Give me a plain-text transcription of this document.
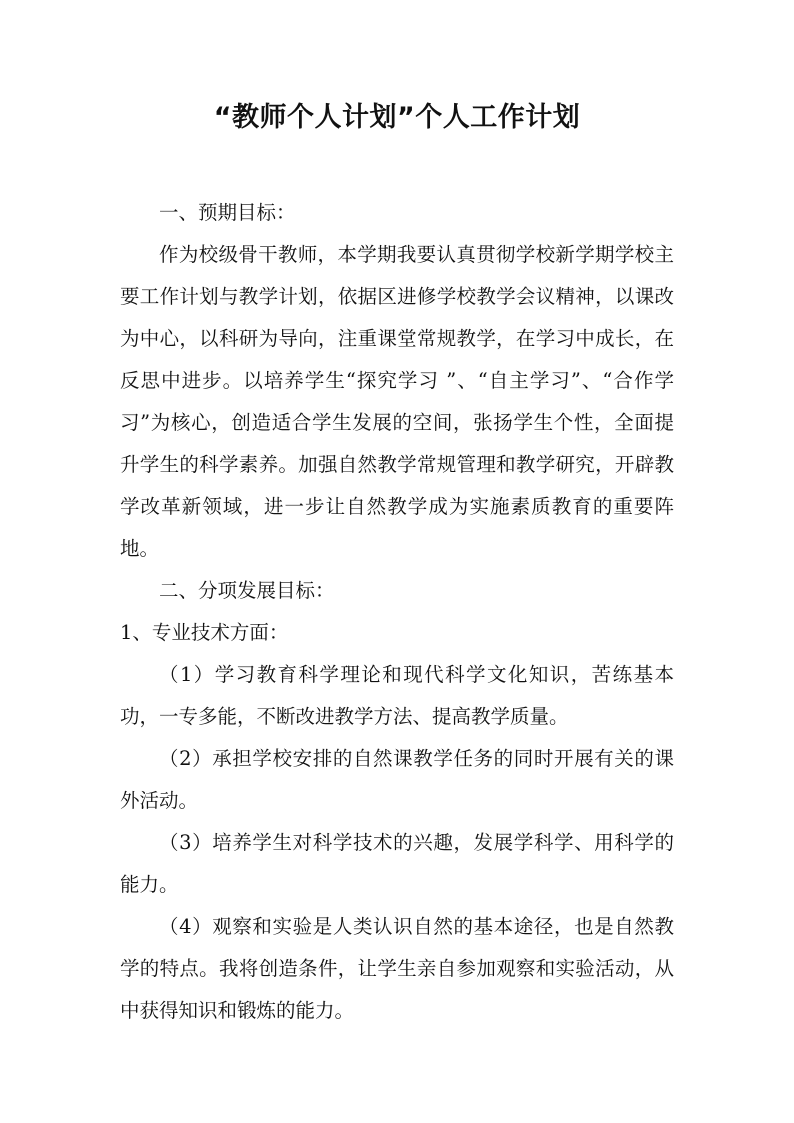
“教师个人计划”个人工作计划

一、预期目标：

作为校级骨干教师，本学期我要认真贯彻学校新学期学校主要工作计划与教学计划，依据区进修学校教学会议精神，以课改为中心，以科研为导向，注重课堂常规教学，在学习中成长，在反思中进步。以培养学生“探究学习 ”、“自主学习”、“合作学习”为核心，创造适合学生发展的空间，张扬学生个性，全面提升学生的科学素养。加强自然教学常规管理和教学研究，开辟教学改革新领域，进一步让自然教学成为实施素质教育的重要阵地。

二、分项发展目标：

1、专业技术方面：

（1）学习教育科学理论和现代科学文化知识，苦练基本功，一专多能，不断改进教学方法、提高教学质量。

（2）承担学校安排的自然课教学任务的同时开展有关的课外活动。

（3）培养学生对科学技术的兴趣，发展学科学、用科学的能力。

（4）观察和实验是人类认识自然的基本途径，也是自然教学的特点。我将创造条件，让学生亲自参加观察和实验活动，从中获得知识和锻炼的能力。
